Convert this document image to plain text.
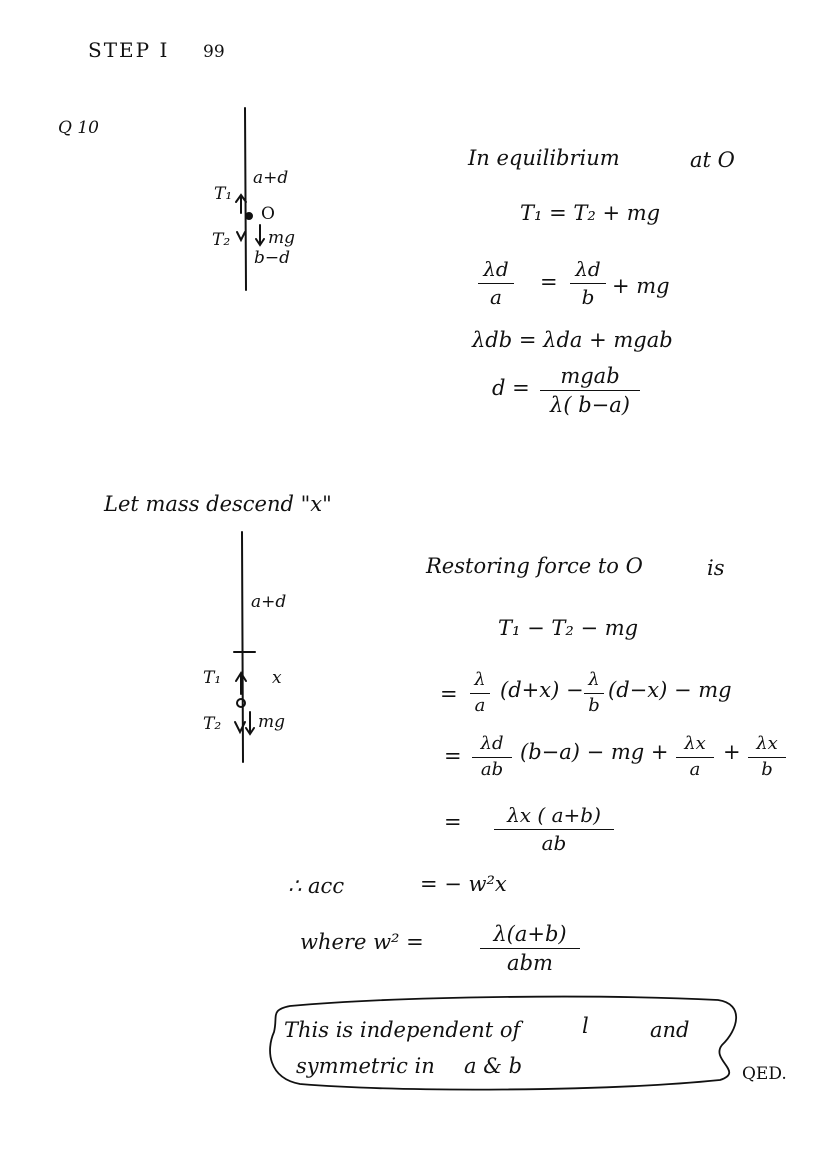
STEP I 99
Q 10
a+d
T₁
O
T₂ mg
b−d
In equilibrium	at O
T₁ = T₂ + mg
λd
a
=
λd
b + mg
λdb = λda + mgab
d =	mgab
λ( b−a)
Let mass descend "x"
a+d
T₁	x
T₂ mg
Restoring force to O	is
T₁ − T₂ − mg
=
λ
a
(d+x) − λ
b
(d−x) − mg
=
λd
ab
(b−a) − mg + λx
a
+ λx
b
=	λx ( a+b)
ab
∴ acc	= − w²x
where w² =	λ(a+b)
abm
This is independent of	l	and
symmetric in a & b	QED.
